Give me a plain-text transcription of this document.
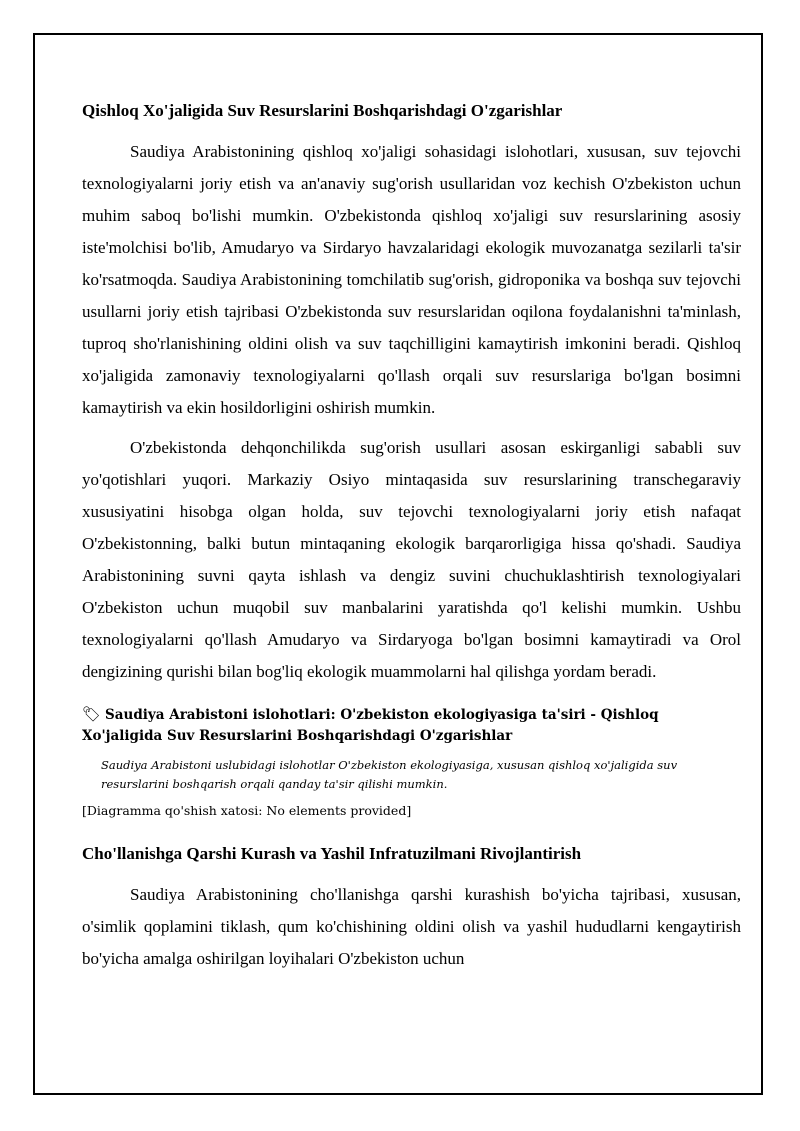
Qishloq Xo'jaligida Suv Resurslarini Boshqarishdagi O'zgarishlar

Saudiya Arabistonining qishloq xo'jaligi sohasidagi islohotlari, xususan, suv tejovchi texnologiyalarni joriy etish va an'anaviy sug'orish usullaridan voz kechish O'zbekiston uchun muhim saboq bo'lishi mumkin. O'zbekistonda qishloq xo'jaligi suv resurslarining asosiy iste'molchisi bo'lib, Amudaryo va Sirdaryo havzalaridagi ekologik muvozanatga sezilarli ta'sir ko'rsatmoqda. Saudiya Arabistonining tomchilatib sug'orish, gidroponika va boshqa suv tejovchi usullarni joriy etish tajribasi O'zbekistonda suv resurslaridan oqilona foydalanishni ta'minlash, tuproq sho'rlanishining oldini olish va suv taqchilligini kamaytirish imkonini beradi. Qishloq xo'jaligida zamonaviy texnologiyalarni qo'llash orqali suv resurslariga bo'lgan bosimni kamaytirish va ekin hosildorligini oshirish mumkin.

O'zbekistonda dehqonchilikda sug'orish usullari asosan eskirganligi sababli suv yo'qotishlari yuqori. Markaziy Osiyo mintaqasida suv resurslarining transchegaraviy xususiyatini hisobga olgan holda, suv tejovchi texnologiyalarni joriy etish nafaqat O'zbekistonning, balki butun mintaqaning ekologik barqarorligiga hissa qo'shadi. Saudiya Arabistonining suvni qayta ishlash va dengiz suvini chuchuklashtirish texnologiyalari O'zbekiston uchun muqobil suv manbalarini yaratishda qo'l kelishi mumkin. Ushbu texnologiyalarni qo'llash Amudaryo va Sirdaryoga bo'lgan bosimni kamaytiradi va Orol dengizining qurishi bilan bog'liq ekologik muammolarni hal qilishga yordam beradi.

🏷 Saudiya Arabistoni islohotlari: O'zbekiston ekologiyasiga ta'siri - Qishloq Xo'jaligida Suv Resurslarini Boshqarishdagi O'zgarishlar

Saudiya Arabistoni uslubidagi islohotlar O'zbekiston ekologiyasiga, xususan qishloq xo'jaligida suv resurslarini boshqarish orqali qanday ta'sir qilishi mumkin.

[Diagramma qo'shish xatosi: No elements provided]

Cho'llanishga Qarshi Kurash va Yashil Infratuzilmani Rivojlantirish

Saudiya Arabistonining cho'llanishga qarshi kurashish bo'yicha tajribasi, xususan, o'simlik qoplamini tiklash, qum ko'chishining oldini olish va yashil hududlarni kengaytirish bo'yicha amalga oshirilgan loyihalari O'zbekiston uchun
